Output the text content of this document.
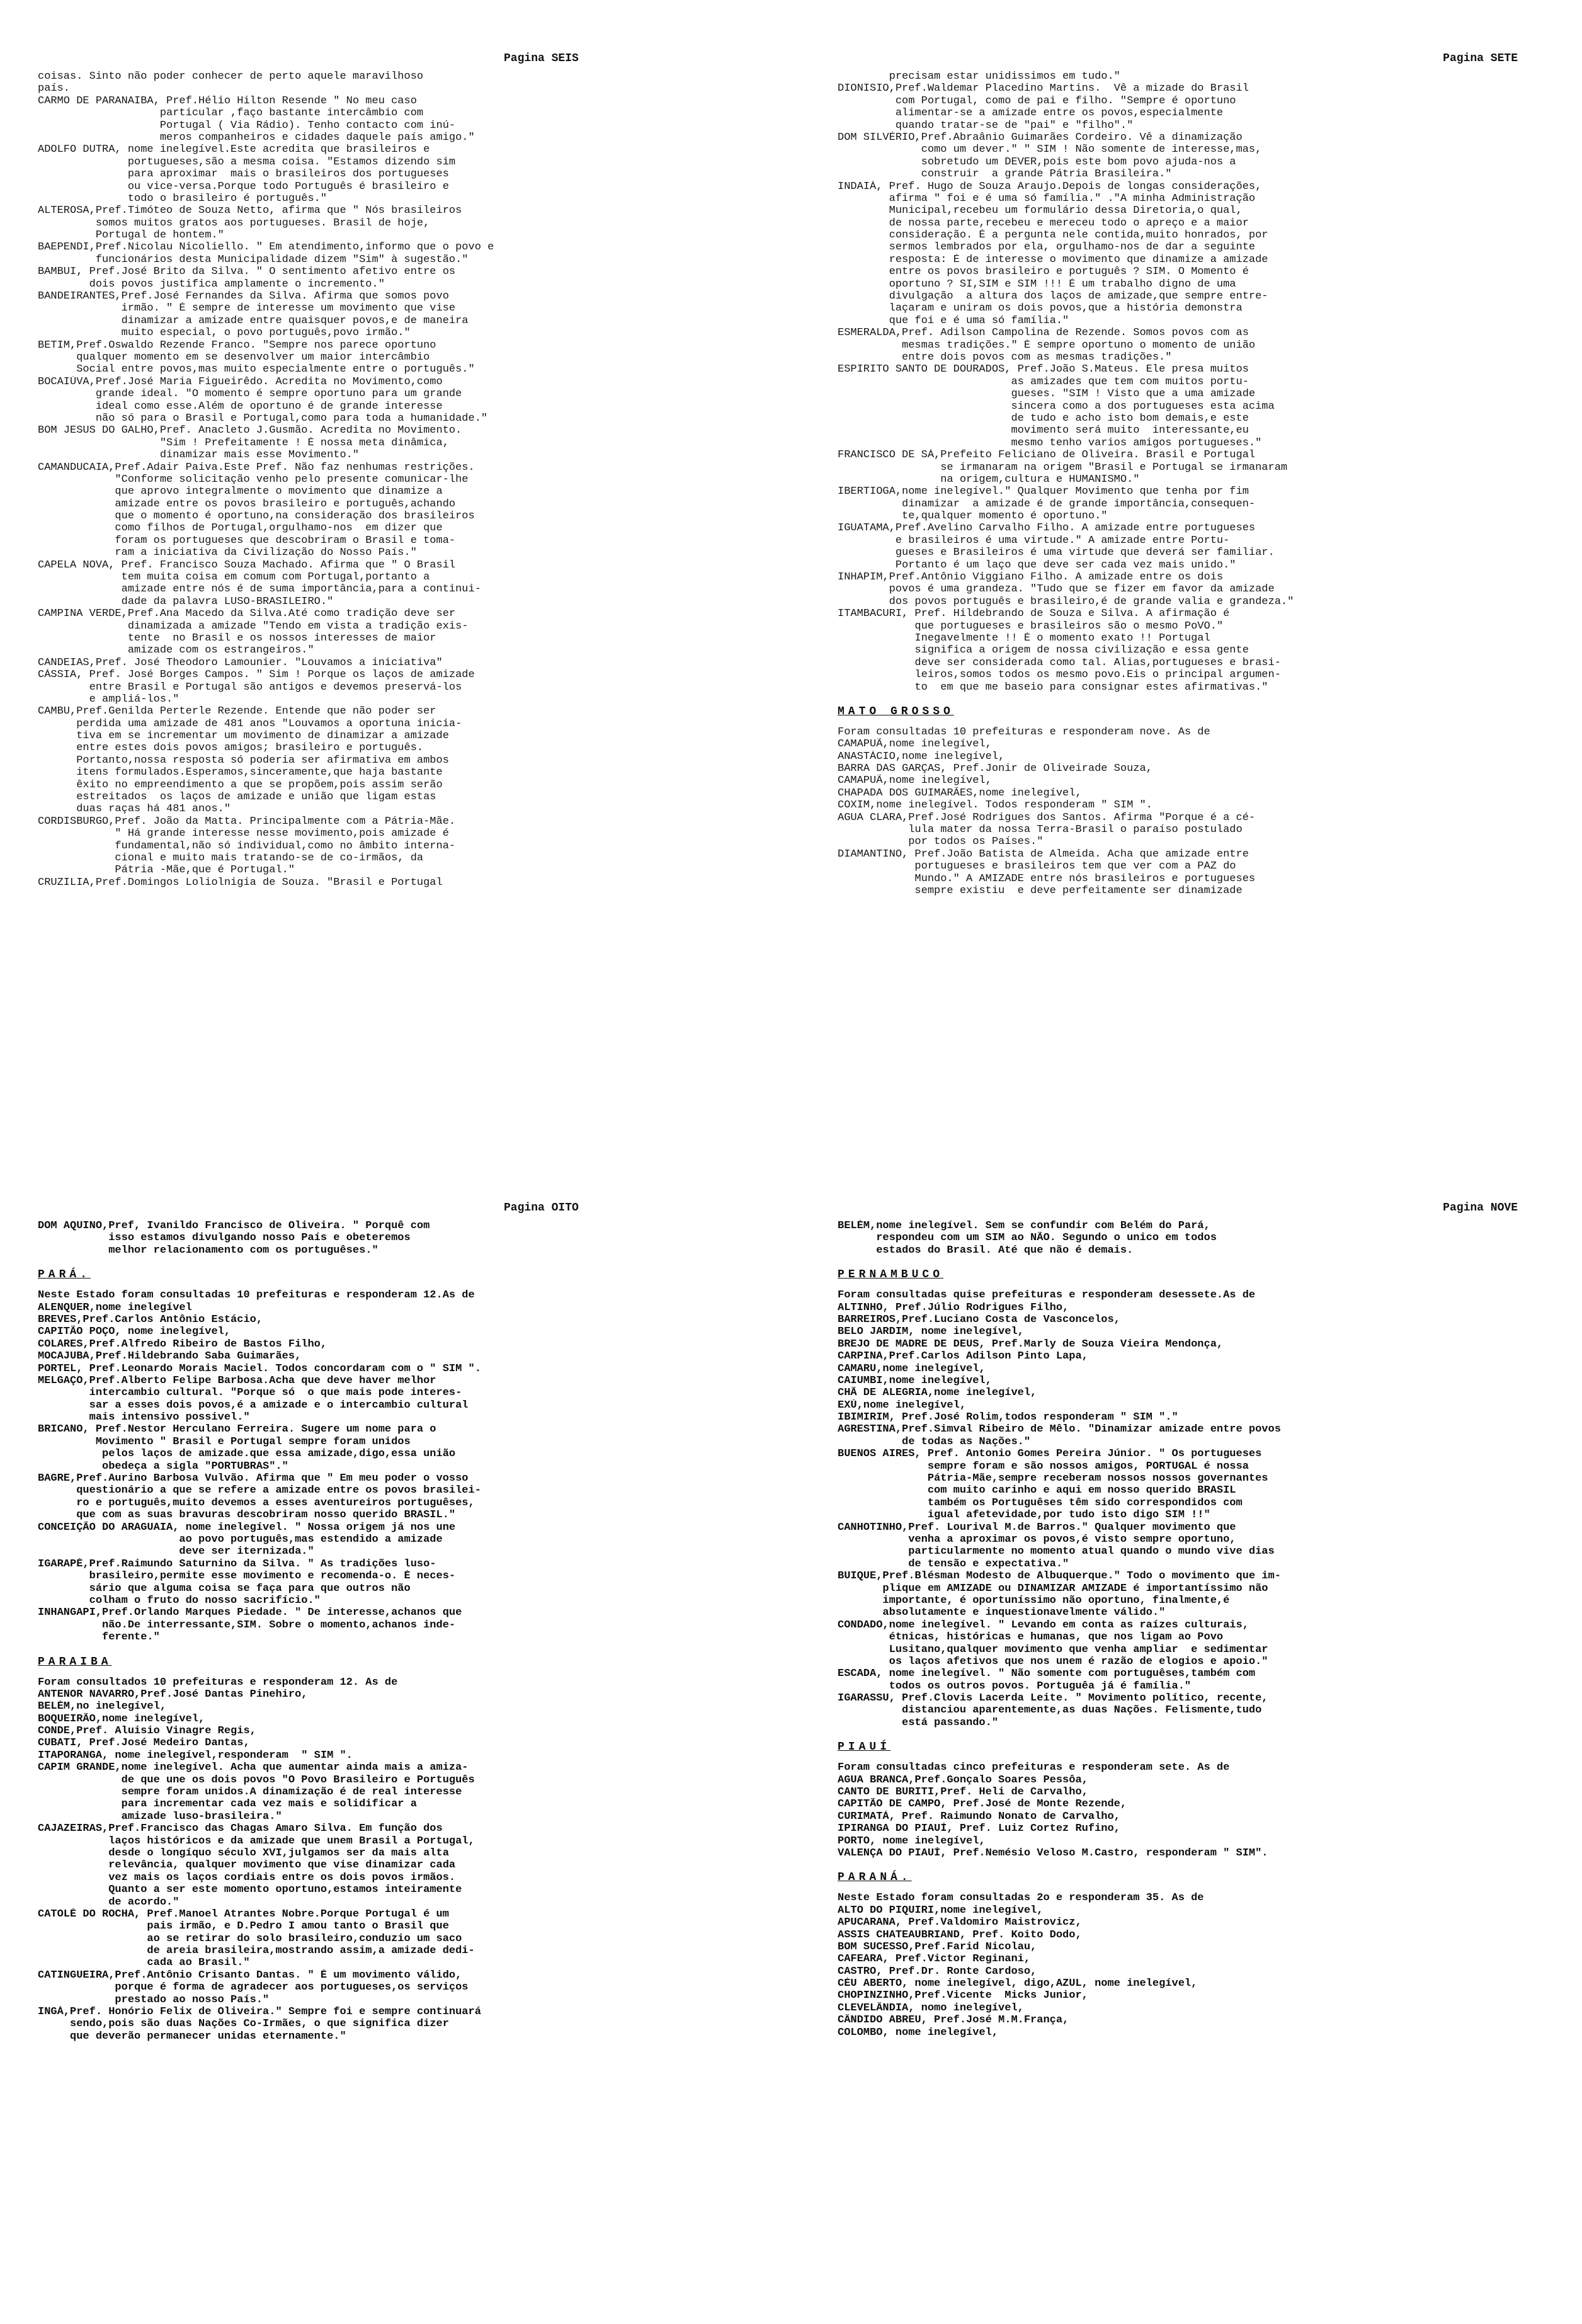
Pagina SEIS
coisas. Sinto não poder conhecer de perto aquele maravilhoso
país.
CARMO DE PARANAIBA, Pref.Hélio Hilton Resende " No meu caso
particular ,faço bastante intercâmbio com
Portugal ( Via Rádio). Tenho contacto com inú-
meros companheiros e cidades daquele país amigo."
ADOLFO DUTRA, nome inelegível.Este acredita que brasileiros e
portugueses,são a mesma coisa. "Estamos dizendo sim
para aproximar  mais o brasileiros dos portugueses
ou vice-versa.Porque todo Português é brasileiro e
todo o brasileiro é português."
ALTEROSA,Pref.Timóteo de Souza Netto, afirma que " Nós brasileiros
somos muitos gratos aos portugueses. Brasil de hoje,
Portugal de hontem."
BAEPENDI,Pref.Nicolau Nicoliello. " Em atendimento,informo que o povo e
funcionários desta Municipalidade dizem "Sim" à sugestão."
BAMBUI, Pref.José Brito da Silva. " O sentimento afetivo entre os
dois povos justifica amplamente o incremento."
BANDEIRANTES,Pref.José Fernandes da Silva. Afirma que somos povo
irmão. " É sempre de interesse um movimento que vise
dinamizar a amizade entre quaisquer povos,e de maneira
muito especial, o povo português,povo irmão."
BETIM,Pref.Oswaldo Rezende Franco. "Sempre nos parece oportuno
qualquer momento em se desenvolver um maior intercâmbio
Social entre povos,mas muito especialmente entre o português."
BOCAIÚVA,Pref.José Maria Figueirêdo. Acredita no Movimento,como
grande ideal. "O momento é sempre oportuno para um grande
ideal como esse.Além de oportuno é de grande interesse
não só para o Brasil e Portugal,como para toda a humanidade."
BOM JESUS DO GALHO,Pref. Anacleto J.Gusmão. Acredita no Movimento.
"Sim ! Prefeitamente ! É nossa meta dinâmica,
dinamizar mais esse Movimento."
CAMANDUCAIA,Pref.Adair Paiva.Este Pref. Não faz nenhumas restrições.
"Conforme solicitação venho pelo presente comunicar-lhe
que aprovo integralmente o movimento que dinamize a
amizade entre os povos brasileiro e português,achando
que o momento é oportuno,na consideração dos brasileiros
como filhos de Portugal,orgulhamo-nos  em dizer que
foram os portugueses que descobriram o Brasil e toma-
ram a iniciativa da Civilização do Nosso País."
CAPELA NOVA, Pref. Francisco Souza Machado. Afirma que " O Brasil
tem muita coisa em comum com Portugal,portanto a
amizade entre nós é de suma importância,para a continui-
dade da palavra LUSO-BRASILEIRO."
CAMPINA VERDE,Pref.Ana Macedo da Silva.Até como tradição deve ser
dinamizada a amizade "Tendo em vista a tradição exis-
tente  no Brasil e os nossos interesses de maior
amizade com os estrangeiros."
CANDEIAS,Pref. José Theodoro Lamounier. "Louvamos a iniciativa"
CÁSSIA, Pref. José Borges Campos. " Sim ! Porque os laços de amizade
entre Brasil e Portugal são antigos e devemos preservá-los
e ampliá-los."
CAMBU,Pref.Genilda Perterle Rezende. Entende que não poder ser
perdida uma amizade de 481 anos "Louvamos a oportuna inicia-
tiva em se incrementar um movimento de dinamizar a amizade
entre estes dois povos amigos; brasileiro e português.
Portanto,nossa resposta só poderia ser afirmativa em ambos
itens formulados.Esperamos,sinceramente,que haja bastante
êxito no empreendimento a que se propõem,pois assim serão
estreitados  os laços de amizade e união que ligam estas
duas raças há 481 anos."
CORDISBURGO,Pref. João da Matta. Principalmente com a Pátria-Mãe.
" Há grande interesse nesse movimento,pois amizade é
fundamental,não só individual,como no âmbito interna-
cional e muito mais tratando-se de co-irmãos, da
Pátria -Mãe,que é Portugal."
CRUZILIA,Pref.Domingos Loliolnigia de Souza. "Brasil e Portugal
Pagina SETE
precisam estar unidissimos em tudo."
DIONISIO,Pref.Waldemar Placedino Martins.  Vê a mizade do Brasil
com Portugal, como de pai e filho. "Sempre é oportuno
alimentar-se a amizade entre os povos,especialmente
quando tratar-se de "pai" e "filho"."
DOM SILVÉRIO,Pref.Abraânio Guimarães Cordeiro. Vê a dinamização
como um dever." " SIM ! Não somente de interesse,mas,
sobretudo um DEVER,pois este bom povo ajuda-nos a
construir  a grande Pátria Brasileira."
INDAIÁ, Pref. Hugo de Souza Araujo.Depois de longas considerações,
afirma " foi e é uma só família." ."A minha Administração
Municipal,recebeu um formulário dessa Diretoria,o qual,
de nossa parte,recebeu e mereceu todo o apreço e a maior
consideração. É a pergunta nele contida,muito honrados, por
sermos lembrados por ela, orgulhamo-nos de dar a seguinte
resposta: É de interesse o movimento que dinamize a amizade
entre os povos brasileiro e português ? SIM. O Momento é
oportuno ? SI,SIM e SIM !!! É um trabalho digno de uma
divulgação  a altura dos laços de amizade,que sempre entre-
laçaram e uniram os dois povos,que a história demonstra
que foi e é uma só família."
ESMERALDA,Pref. Adilson Campolina de Rezende. Somos povos com as
mesmas tradições." É sempre oportuno o momento de união
entre dois povos com as mesmas tradições."
ESPIRITO SANTO DE DOURADOS, Pref.João S.Mateus. Ele presa muitos
as amizades que tem com muitos portu-
gueses. "SIM ! Visto que a uma amizade
sincera como a dos portugueses esta acima
de tudo e acho isto bom demais,e este
movimento será muito  interessante,eu
mesmo tenho varios amigos portugueses."
FRANCISCO DE SÁ,Prefeito Feliciano de Oliveira. Brasil e Portugal
se irmanaram na origem "Brasil e Portugal se irmanaram
na origem,cultura e HUMANISMO."
IBERTIOGA,nome inelegível." Qualquer Movimento que tenha por fim
dinamizar  a amizade é de grande importância,consequen-
te,qualquer momento é oportuno."
IGUATAMA,Pref.Avelino Carvalho Filho. A amizade entre portugueses
e brasileiros é uma virtude." A amizade entre Portu-
gueses e Brasileiros é uma virtude que deverá ser familiar.
Portanto é um laço que deve ser cada vez mais unido."
INHAPIM,Pref.Antônio Viggiano Filho. A amizade entre os dois
povos é uma grandeza. "Tudo que se fizer em favor da amizade
dos povos português e brasileiro,é de grande valia e grandeza."
ITAMBACURI, Pref. Hildebrando de Souza e Silva. A afirmação é
que portugueses e brasileiros são o mesmo PoVO."
Inegavelmente !! É o momento exato !! Portugal
significa a origem de nossa civilização e essa gente
deve ser considerada como tal. Alias,portugueses e brasi-
leiros,somos todos os mesmo povo.Eis o principal argumen-
to  em que me baseio para consignar estes afirmativas."
MATO GROSSO
Foram consultadas 10 prefeituras e responderam nove. As de
CAMAPUÃ,nome inelegível,
ANASTÁCIO,nome inelegível,
BARRA DAS GARÇAS, Pref.Jonir de Oliveirade Souza,
CAMAPUÃ,nome inelegível,
CHAPADA DOS GUIMARÃES,nome inelegível,
COXIM,nome inelegível. Todos responderam " SIM ".
AGUA CLARA,Pref.José Rodrigues dos Santos. Afirma "Porque é a cé-
lula mater da nossa Terra-Brasil o paraíso postulado
por todos os Países."
DIAMANTINO, Pref.João Batista de Almeida. Acha que amizade entre
portugueses e brasileiros tem que ver com a PAZ do
Mundo." A AMIZADE entre nós brasileiros e portugueses
sempre existiu  e deve perfeitamente ser dinamizade
Pagina OITO
DOM AQUINO,Pref, Ivanildo Francisco de Oliveira. " Porquê com
isso estamos divulgando nosso País e obeteremos
melhor relacionamento com os portuguêses."
PARÁ.
Neste Estado foram consultadas 10 prefeituras e responderam 12.As de
ALENQUER,nome inelegível
BREVES,Pref.Carlos Antônio Estácio,
CAPITÃO POÇO, nome inelegível,
COLARES,Pref.Alfredo Ribeiro de Bastos Filho,
MOCAJUBA,Pref.Hildebrando Saba Guimarães,
PORTEL, Pref.Leonardo Morais Maciel. Todos concordaram com o " SIM ".
MELGAÇO,Pref.Alberto Felipe Barbosa.Acha que deve haver melhor
intercambio cultural. "Porque só  o que mais pode interes-
sar a esses dois povos,é a amizade e o intercambio cultural
mais intensivo possivel."
BRICANO, Pref.Nestor Herculano Ferreira. Sugere um nome para o
Movimento " Brasil e Portugal sempre foram unidos
pelos laços de amizade.que essa amizade,digo,essa união
obedeça a sigla "PORTUBRAS"."
BAGRE,Pref.Aurino Barbosa Vulvão. Afirma que " Em meu poder o vosso
questionário a que se refere a amizade entre os povos brasilei-
ro e português,muito devemos a esses aventureiros portuguêses,
que com as suas bravuras descobriram nosso querido BRASIL."
CONCEIÇÃO DO ARAGUAIA, nome inelegível. " Nossa origem já nos une
ao povo português,mas estendido a amizade
deve ser iternizada."
IGARAPÉ,Pref.Raimundo Saturnino da Silva. " As tradições luso-
brasileiro,permite esse movimento e recomenda-o. É neces-
sário que alguma coisa se faça para que outros não
colham o fruto do nosso sacrifício."
INHANGAPI,Pref.Orlando Marques Piedade. " De interesse,achanos que
não.De interressante,SIM. Sobre o momento,achanos inde-
ferente."
PARAIBA
Foram consultados 10 prefeituras e responderam 12. As de
ANTENOR NAVARRO,Pref.José Dantas Pinehiro,
BELÉM,no inelegível,
BOQUEIRÃO,nome inelegível,
CONDE,Pref. Aluisio Vinagre Regis,
CUBATI, Pref.José Medeiro Dantas,
ITAPORANGA, nome inelegível,responderam  " SIM ".
CAPIM GRANDE,nome inelegível. Acha que aumentar ainda mais a amiza-
de que une os dois povos "O Povo Brasileiro e Português
sempre foram unidos.A dinamização é de real interesse
para incrementar cada vez mais e solidificar a
amizade luso-brasileira."
CAJAZEIRAS,Pref.Francisco das Chagas Amaro Silva. Em função dos
laços históricos e da amizade que unem Brasil a Portugal,
desde o longíquo século XVI,julgamos ser da mais alta
relevância, qualquer movimento que vise dinamizar cada
vez mais os laços cordiais entre os dois povos irmãos.
Quanto a ser este momento oportuno,estamos inteiramente
de acordo."
CATOLÉ DO ROCHA, Pref.Manoel Atrantes Nobre.Porque Portugal é um
pais irmão, e D.Pedro I amou tanto o Brasil que
ao se retirar do solo brasileiro,conduzio um saco
de areia brasileira,mostrando assim,a amizade dedi-
cada ao Brasil."
CATINGUEIRA,Pref.Antônio Crisanto Dantas. " É um movimento válido,
porque é forma de agradecer aos portugueses,os serviços
prestado ao nosso País."
INGÁ,Pref. Honório Felix de Oliveira." Sempre foi e sempre continuará
sendo,pois são duas Nações Co-Irmães, o que significa dizer
que deverão permanecer unidas eternamente."
Pagina NOVE
BELÉM,nome inelegível. Sem se confundir com Belém do Pará,
respondeu com um SIM ao NÃO. Segundo o unico em todos
estados do Brasil. Até que não é demais.
PERNAMBUCO
Foram consultadas quise prefeituras e responderam desessete.As de
ALTINHO, Pref.Júlio Rodrigues Filho,
BARREIROS,Pref.Luciano Costa de Vasconcelos,
BELO JARDIM, nome inelegível,
BREJO DE MADRE DE DEUS, Pref.Marly de Souza Vieira Mendonça,
CARPINA,Pref.Carlos Adilson Pinto Lapa,
CAMARU,nome inelegível,
CAIUMBI,nome inelegível,
CHÃ DE ALEGRIA,nome inelegível,
EXÚ,nome inelegível,
IBIMIRIM, Pref.José Rolim,todos responderam " SIM "."
AGRESTINA,Pref.Simval Ribeiro de Mêlo. "Dinamizar amizade entre povos
de todas as Nações."
BUENOS AIRES, Pref. Antonio Gomes Pereira Júnior. " Os portugueses
sempre foram e são nossos amigos, PORTUGAL é nossa
Pátria-Mãe,sempre receberam nossos nossos governantes
com muito carinho e aqui em nosso querido BRASIL
também os Portuguêses têm sido correspondidos com
igual afetevidade,por tudo isto digo SIM !!"
CANHOTINHO,Pref. Lourival M.de Barros." Qualquer movimento que
venha a aproximar os povos,é visto sempre oportuno,
particularmente no momento atual quando o mundo vive dias
de tensão e expectativa."
BUIQUE,Pref.Blésman Modesto de Albuquerque." Todo o movimento que im-
plique em AMIZADE ou DINAMIZAR AMIZADE é importantíssimo não
importante, é oportuníssimo não oportuno, finalmente,é
absolutamente e inquestionavelmente válido."
CONDADO,nome inelegível. " Levando em conta as raízes culturais,
étnicas, históricas e humanas, que nos ligam ao Povo
Lusitano,qualquer movimento que venha ampliar  e sedimentar
os laços afetivos que nos unem é razão de elogios e apoio."
ESCADA, nome inelegível. " Não somente com portuguêses,também com
todos os outros povos. Portuguêa já é família."
IGARASSU, Pref.Clovis Lacerda Leite. " Movimento político, recente,
distanciou aparentemente,as duas Nações. Felismente,tudo
está passando."
PIAUÍ
Foram consultadas cinco prefeituras e responderam sete. As de
AGUA BRANCA,Pref.Gonçalo Soares Pessôa,
CANTO DE BURITI,Pref. Heli de Carvalho,
CAPITÃO DE CAMPO, Pref.José de Monte Rezende,
CURIMATÁ, Pref. Raimundo Nonato de Carvalho,
IPIRANGA DO PIAUÍ, Pref. Luiz Cortez Rufino,
PORTO, nome inelegível,
VALENÇA DO PIAUÍ, Pref.Nemésio Veloso M.Castro, responderam " SIM".
PARANÁ.
Neste Estado foram consultadas 2o e responderam 35. As de
ALTO DO PIQUIRI,nome inelegível,
APUCARANA, Pref.Valdomiro Maistrovicz,
ASSIS CHATEAUBRIAND, Pref. Koito Dodo,
BOM SUCESSO,Pref.Farid Nicolau,
CAFEARA, Pref.Victor Reginani,
CASTRO, Pref.Dr. Ronte Cardoso,
CÉU ABERTO, nome inelegível, digo,AZUL, nome inelegível,
CHOPINZINHO,Pref.Vicente  Micks Junior,
CLEVELÂNDIA, nomo inelegível,
CÂNDIDO ABREU, Pref.José M.M.França,
COLOMBO, nome inelegível,
